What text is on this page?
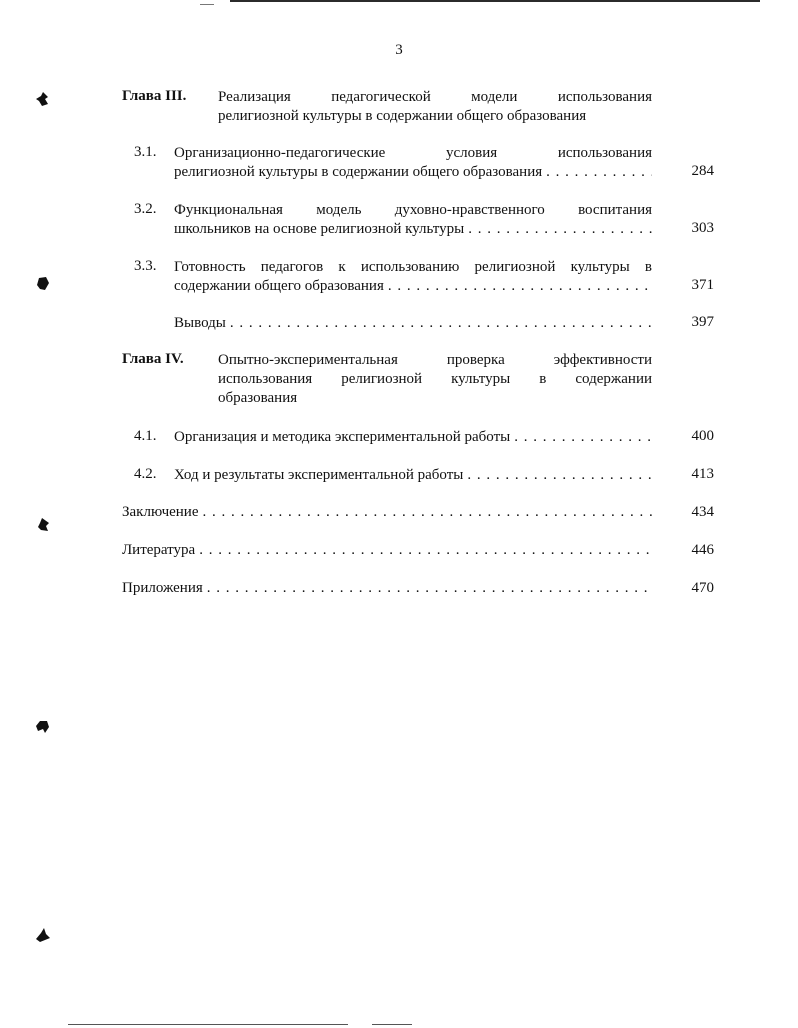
3
Глава III.	Реализация педагогической модели использования
религиозной культуры в содержании общего образования
3.1. Организационно-педагогические условия использования
религиозной культуры в содержании общего образования . . .	284
3.2. Функциональная модель духовно-нравственного воспитания
школьников на основе религиозной культуры . . .	303
3.3. Готовность педагогов к использованию религиозной культуры в
содержании общего образования . . .	371
Выводы . . .	397
Глава IV.	Опытно-экспериментальная проверка эффективности
использования религиозной культуры в содержании
образования
4.1. Организация и методика экспериментальной работы . . .	400
4.2. Ход и результаты экспериментальной работы . . .	413
Заключение . . .	434
Литература . . .	446
Приложения . . .	470
